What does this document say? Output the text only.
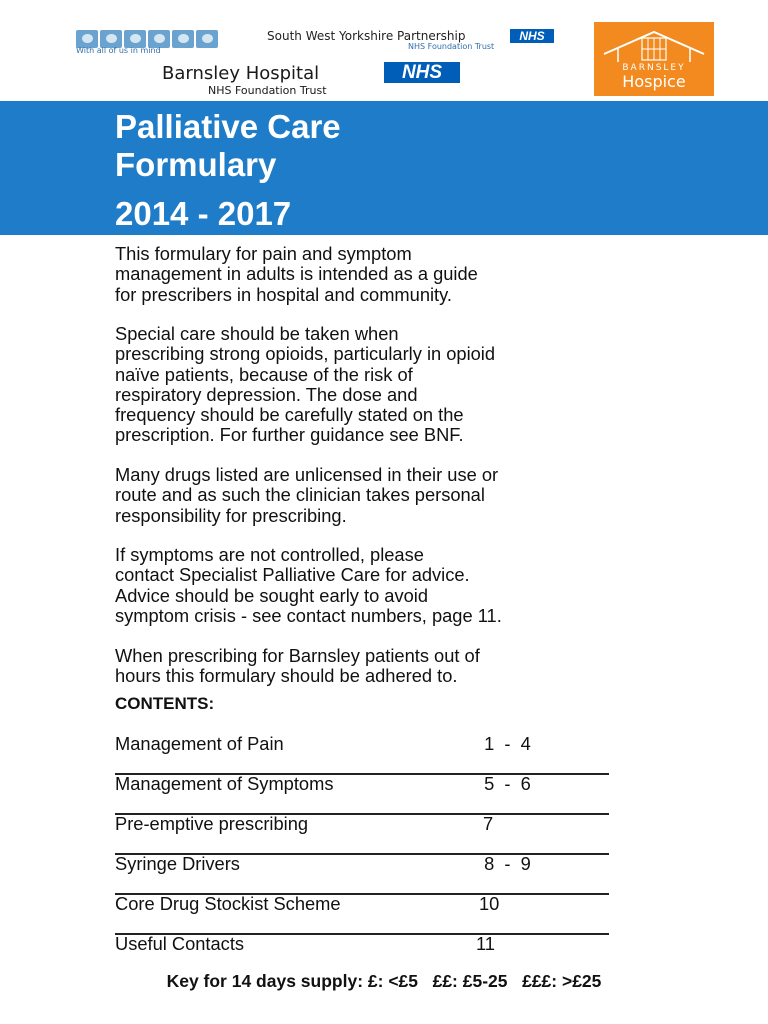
With all of us in mind
South West Yorkshire Partnership	NHS
NHS Foundation Trust
Barnsley Hospital	NHS
NHS Foundation Trust
BARNSLEY
Hospice
Palliative Care
Formulary
2014 - 2017
This formulary for pain and symptom
management in adults is intended as a guide
for prescribers in hospital and community.
Special care should be taken when
prescribing strong opioids, particularly in opioid
naïve patients, because of the risk of
respiratory depression. The dose and
frequency should be carefully stated on the
prescription. For further guidance see BNF.
Many drugs listed are unlicensed in their use or
route and as such the clinician takes personal
responsibility for prescribing.
If symptoms are not controlled, please
contact Specialist Palliative Care for advice.
Advice should be sought early to avoid
symptom crisis - see contact numbers, page 11.
When prescribing for Barnsley patients out of
hours this formulary should be adhered to.
CONTENTS:
Management of Pain	1  -  4
Management of Symptoms	5  -  6
Pre-emptive prescribing	7
Syringe Drivers	8  -  9
Core Drug Stockist Scheme	10
Useful Contacts	11
Key for 14 days supply: £: <£5   ££: £5-25   £££: >£25
